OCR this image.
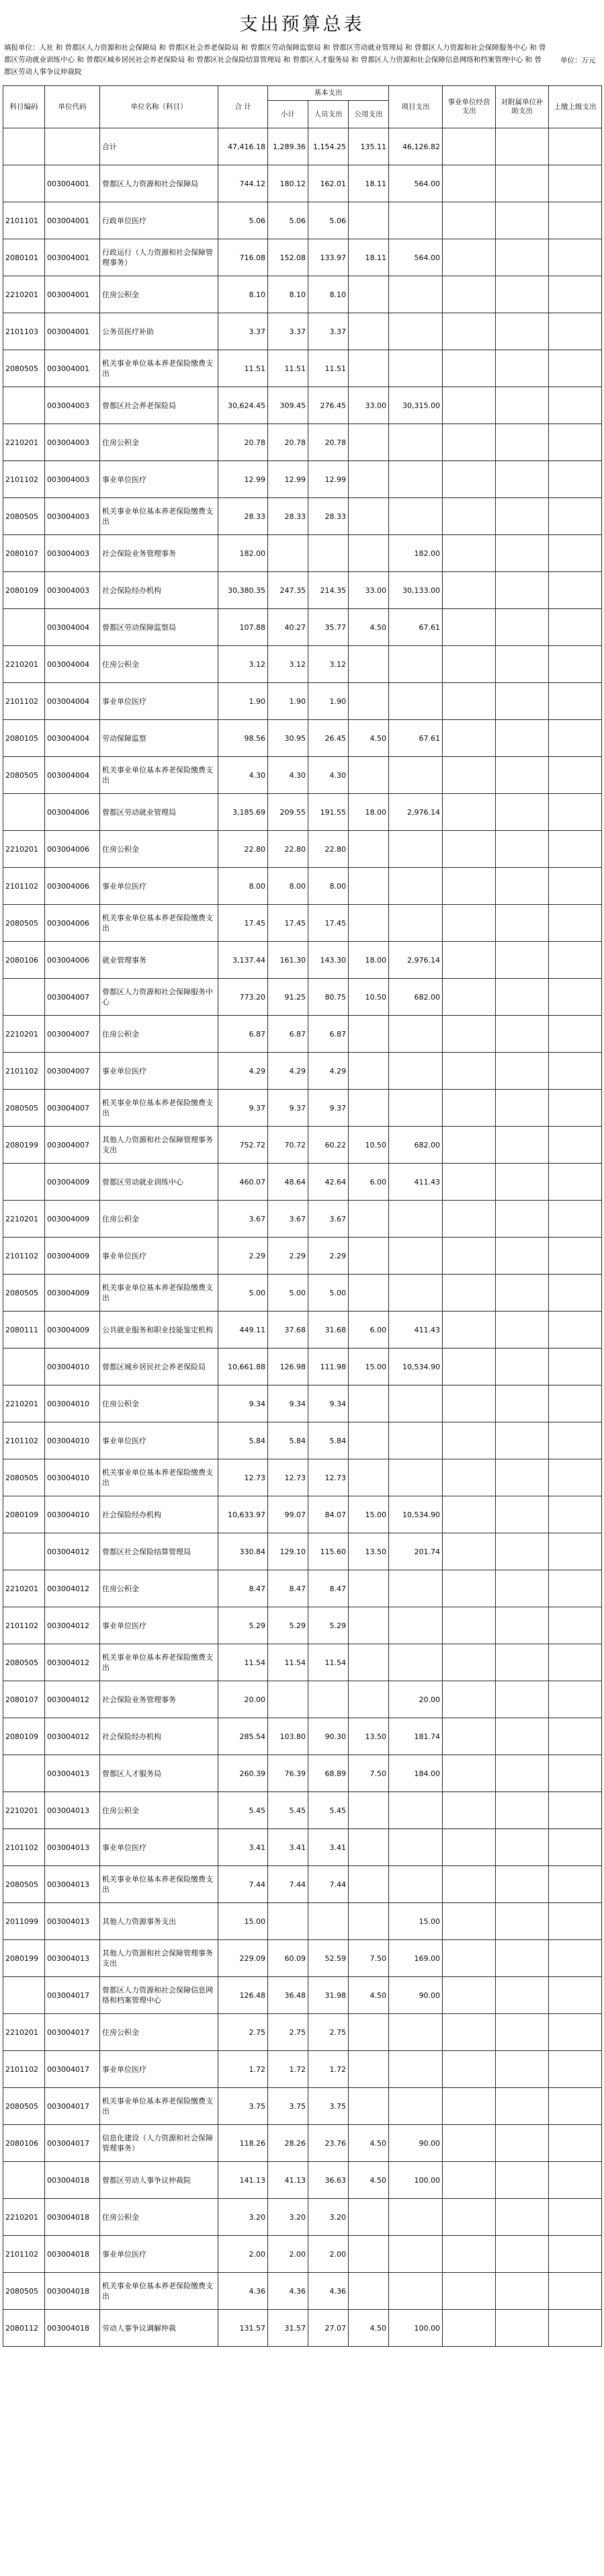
支出预算总表
填报单位：人社 和 曾都区人力资源和社会保障局 和 曾都区社会养老保险局 和 曾都区劳动保障监察局 和 曾都区劳动就业管理局 和 曾都区人力资源和社会保障服务中心 和 曾都区劳动就业训练中心 和 曾都区城乡居民社会养老保险局 和 曾都区社会保险结算管理局 和 曾都区人才服务局 和 曾都区人力资源和社会保障信息网络和档案管理中心 和 曾都区劳动人事争议仲裁院
单位：万元
科目编码	单位代码	单位名称（科目）	合 计	基本支出			项目支出	事业单位经营支出	对附属单位补助支出	上缴上级支出
				小计	人员支出	公用支出				
		合计	47,416.18	1,289.36	1,154.25	135.11	46,126.82			
	003004001	曾都区人力资源和社会保障局	744.12	180.12	162.01	18.11	564.00			
2101101	003004001	行政单位医疗	5.06	5.06	5.06					
2080101	003004001	行政运行（人力资源和社会保障管理事务）	716.08	152.08	133.97	18.11	564.00			
2210201	003004001	住房公积金	8.10	8.10	8.10					
2101103	003004001	公务员医疗补助	3.37	3.37	3.37					
2080505	003004001	机关事业单位基本养老保险缴费支出	11.51	11.51	11.51					
	003004003	曾都区社会养老保险局	30,624.45	309.45	276.45	33.00	30,315.00			
2210201	003004003	住房公积金	20.78	20.78	20.78					
2101102	003004003	事业单位医疗	12.99	12.99	12.99					
2080505	003004003	机关事业单位基本养老保险缴费支出	28.33	28.33	28.33					
2080107	003004003	社会保险业务管理事务	182.00				182.00			
2080109	003004003	社会保险经办机构	30,380.35	247.35	214.35	33.00	30,133.00			
	003004004	曾都区劳动保障监察局	107.88	40.27	35.77	4.50	67.61			
2210201	003004004	住房公积金	3.12	3.12	3.12					
2101102	003004004	事业单位医疗	1.90	1.90	1.90					
2080105	003004004	劳动保障监察	98.56	30.95	26.45	4.50	67.61			
2080505	003004004	机关事业单位基本养老保险缴费支出	4.30	4.30	4.30					
	003004006	曾都区劳动就业管理局	3,185.69	209.55	191.55	18.00	2,976.14			
2210201	003004006	住房公积金	22.80	22.80	22.80					
2101102	003004006	事业单位医疗	8.00	8.00	8.00					
2080505	003004006	机关事业单位基本养老保险缴费支出	17.45	17.45	17.45					
2080106	003004006	就业管理事务	3,137.44	161.30	143.30	18.00	2,976.14			
	003004007	曾都区人力资源和社会保障服务中心	773.20	91.25	80.75	10.50	682.00			
2210201	003004007	住房公积金	6.87	6.87	6.87					
2101102	003004007	事业单位医疗	4.29	4.29	4.29					
2080505	003004007	机关事业单位基本养老保险缴费支出	9.37	9.37	9.37					
2080199	003004007	其他人力资源和社会保障管理事务支出	752.72	70.72	60.22	10.50	682.00			
	003004009	曾都区劳动就业训练中心	460.07	48.64	42.64	6.00	411.43			
2210201	003004009	住房公积金	3.67	3.67	3.67					
2101102	003004009	事业单位医疗	2.29	2.29	2.29					
2080505	003004009	机关事业单位基本养老保险缴费支出	5.00	5.00	5.00					
2080111	003004009	公共就业服务和职业技能鉴定机构	449.11	37.68	31.68	6.00	411.43			
	003004010	曾都区城乡居民社会养老保险局	10,661.88	126.98	111.98	15.00	10,534.90			
2210201	003004010	住房公积金	9.34	9.34	9.34					
2101102	003004010	事业单位医疗	5.84	5.84	5.84					
2080505	003004010	机关事业单位基本养老保险缴费支出	12.73	12.73	12.73					
2080109	003004010	社会保险经办机构	10,633.97	99.07	84.07	15.00	10,534.90			
	003004012	曾都区社会保险结算管理局	330.84	129.10	115.60	13.50	201.74			
2210201	003004012	住房公积金	8.47	8.47	8.47					
2101102	003004012	事业单位医疗	5.29	5.29	5.29					
2080505	003004012	机关事业单位基本养老保险缴费支出	11.54	11.54	11.54					
2080107	003004012	社会保险业务管理事务	20.00				20.00			
2080109	003004012	社会保险经办机构	285.54	103.80	90.30	13.50	181.74			
	003004013	曾都区人才服务局	260.39	76.39	68.89	7.50	184.00			
2210201	003004013	住房公积金	5.45	5.45	5.45					
2101102	003004013	事业单位医疗	3.41	3.41	3.41					
2080505	003004013	机关事业单位基本养老保险缴费支出	7.44	7.44	7.44					
2011099	003004013	其他人力资源事务支出	15.00				15.00			
2080199	003004013	其他人力资源和社会保障管理事务支出	229.09	60.09	52.59	7.50	169.00			
	003004017	曾都区人力资源和社会保障信息网络和档案管理中心	126.48	36.48	31.98	4.50	90.00			
2210201	003004017	住房公积金	2.75	2.75	2.75					
2101102	003004017	事业单位医疗	1.72	1.72	1.72					
2080505	003004017	机关事业单位基本养老保险缴费支出	3.75	3.75	3.75					
2080106	003004017	信息化建设（人力资源和社会保障管理事务）	118.26	28.26	23.76	4.50	90.00			
	003004018	曾都区劳动人事争议仲裁院	141.13	41.13	36.63	4.50	100.00			
2210201	003004018	住房公积金	3.20	3.20	3.20					
2101102	003004018	事业单位医疗	2.00	2.00	2.00					
2080505	003004018	机关事业单位基本养老保险缴费支出	4.36	4.36	4.36					
2080112	003004018	劳动人事争议调解仲裁	131.57	31.57	27.07	4.50	100.00			
